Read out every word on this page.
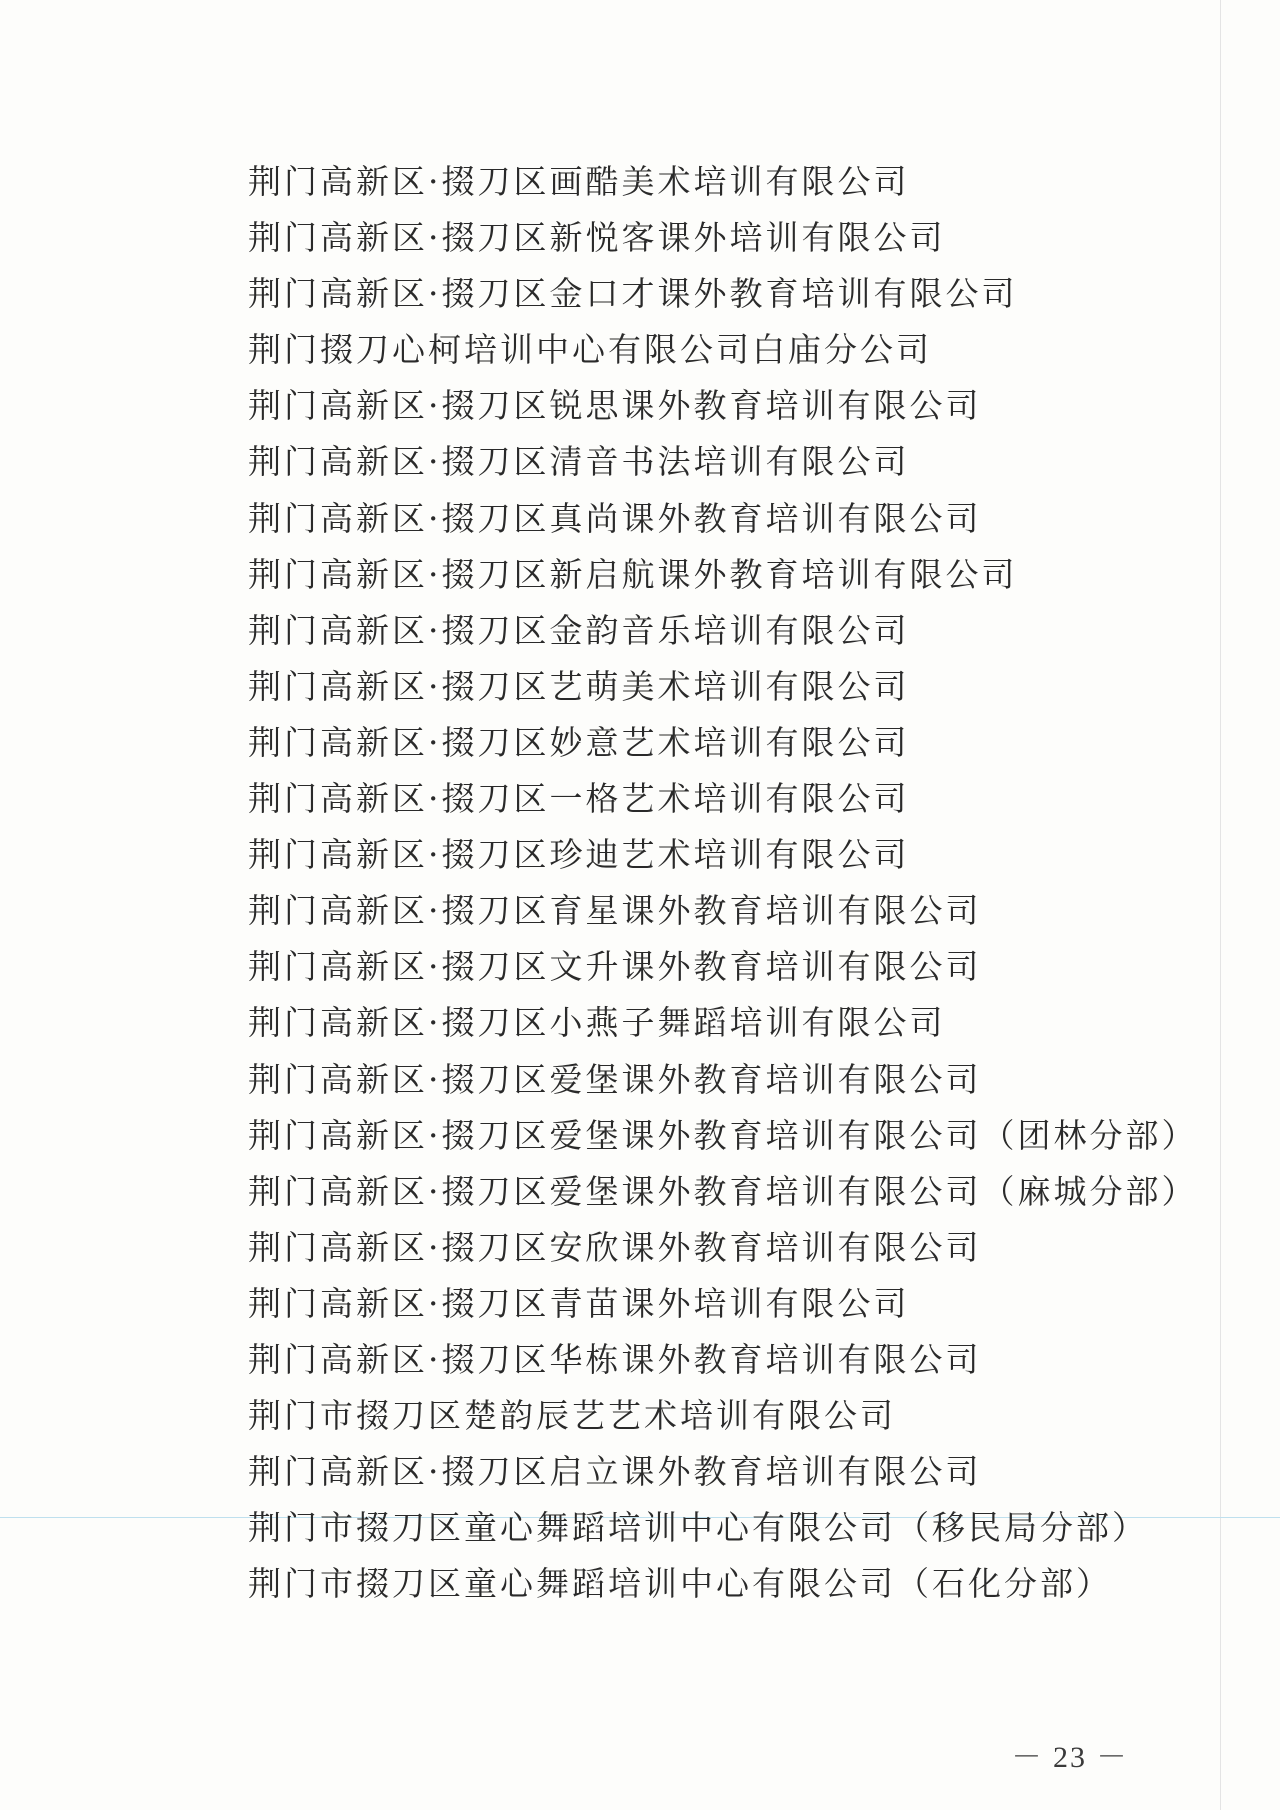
荆门高新区·掇刀区画酷美术培训有限公司
荆门高新区·掇刀区新悦客课外培训有限公司
荆门高新区·掇刀区金口才课外教育培训有限公司
荆门掇刀心柯培训中心有限公司白庙分公司
荆门高新区·掇刀区锐思课外教育培训有限公司
荆门高新区·掇刀区清音书法培训有限公司
荆门高新区·掇刀区真尚课外教育培训有限公司
荆门高新区·掇刀区新启航课外教育培训有限公司
荆门高新区·掇刀区金韵音乐培训有限公司
荆门高新区·掇刀区艺萌美术培训有限公司
荆门高新区·掇刀区妙意艺术培训有限公司
荆门高新区·掇刀区一格艺术培训有限公司
荆门高新区·掇刀区珍迪艺术培训有限公司
荆门高新区·掇刀区育星课外教育培训有限公司
荆门高新区·掇刀区文升课外教育培训有限公司
荆门高新区·掇刀区小燕子舞蹈培训有限公司
荆门高新区·掇刀区爱堡课外教育培训有限公司
荆门高新区·掇刀区爱堡课外教育培训有限公司（团林分部）
荆门高新区·掇刀区爱堡课外教育培训有限公司（麻城分部）
荆门高新区·掇刀区安欣课外教育培训有限公司
荆门高新区·掇刀区青苗课外培训有限公司
荆门高新区·掇刀区华栋课外教育培训有限公司
荆门市掇刀区楚韵辰艺艺术培训有限公司
荆门高新区·掇刀区启立课外教育培训有限公司
荆门市掇刀区童心舞蹈培训中心有限公司（移民局分部）
荆门市掇刀区童心舞蹈培训中心有限公司（石化分部）
－ 23 －
